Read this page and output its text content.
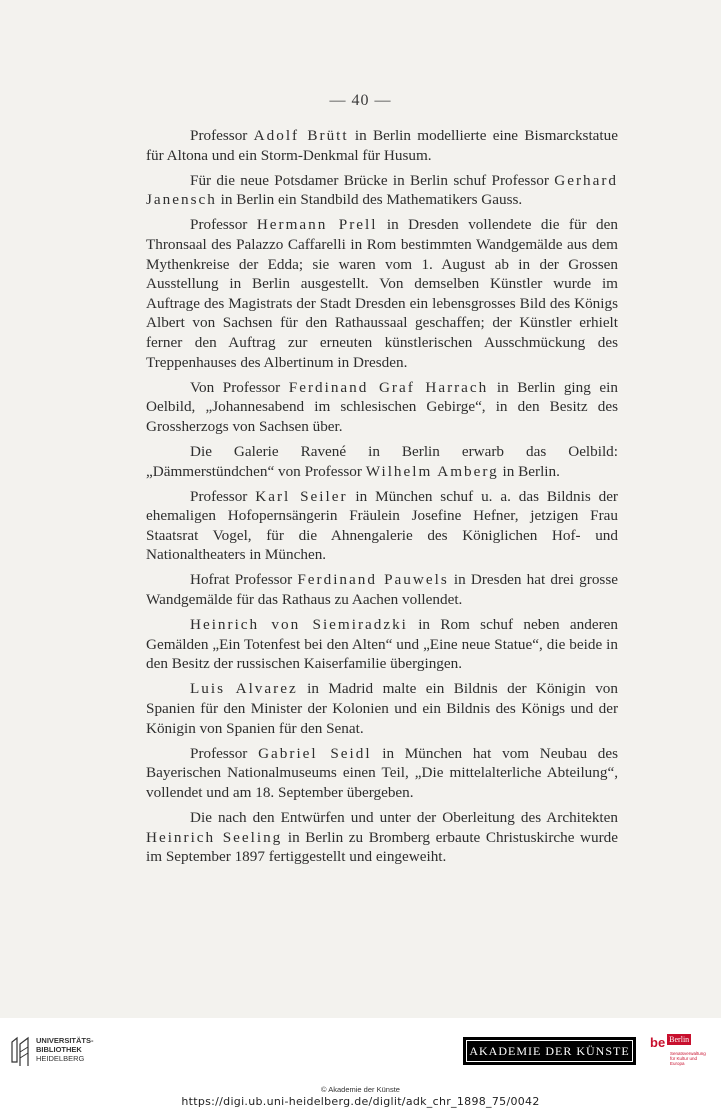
— 40 —

Professor Adolf Brütt in Berlin modellierte eine Bismarckstatue für Altona und ein Storm-Denkmal für Husum.

Für die neue Potsdamer Brücke in Berlin schuf Professor Gerhard Janensch in Berlin ein Standbild des Mathematikers Gauss.

Professor Hermann Prell in Dresden vollendete die für den Thronsaal des Palazzo Caffarelli in Rom bestimmten Wandgemälde aus dem Mythenkreise der Edda; sie waren vom 1. August ab in der Grossen Ausstellung in Berlin ausgestellt. Von demselben Künstler wurde im Auftrage des Magistrats der Stadt Dresden ein lebensgrosses Bild des Königs Albert von Sachsen für den Rathaussaal geschaffen; der Künstler erhielt ferner den Auftrag zur erneuten künstlerischen Ausschmückung des Treppenhauses des Albertinum in Dresden.

Von Professor Ferdinand Graf Harrach in Berlin ging ein Oelbild, „Johannesabend im schlesischen Gebirge“, in den Besitz des Grossherzogs von Sachsen über.

Die Galerie Ravené in Berlin erwarb das Oelbild: „Dämmerstündchen“ von Professor Wilhelm Amberg in Berlin.

Professor Karl Seiler in München schuf u. a. das Bildnis der ehemaligen Hofopernsängerin Fräulein Josefine Hefner, jetzigen Frau Staatsrat Vogel, für die Ahnengalerie des Königlichen Hof- und Nationaltheaters in München.

Hofrat Professor Ferdinand Pauwels in Dresden hat drei grosse Wandgemälde für das Rathaus zu Aachen vollendet.

Heinrich von Siemiradzki in Rom schuf neben anderen Gemälden „Ein Totenfest bei den Alten“ und „Eine neue Statue“, die beide in den Besitz der russischen Kaiserfamilie übergingen.

Luis Alvarez in Madrid malte ein Bildnis der Königin von Spanien für den Minister der Kolonien und ein Bildnis des Königs und der Königin von Spanien für den Senat.

Professor Gabriel Seidl in München hat vom Neubau des Bayerischen Nationalmuseums einen Teil, „Die mittelalterliche Abteilung“, vollendet und am 18. September übergeben.

Die nach den Entwürfen und unter der Oberleitung des Architekten Heinrich Seeling in Berlin zu Bromberg erbaute Christuskirche wurde im September 1897 fertiggestellt und eingeweiht.

UNIVERSITÄTS-
BIBLIOTHEK
HEIDELBERG
AKADEMIE DER KÜNSTE
be Berlin
Senatsverwaltung für Kultur und Europa
© Akademie der Künste
https://digi.ub.uni-heidelberg.de/diglit/adk_chr_1898_75/0042
